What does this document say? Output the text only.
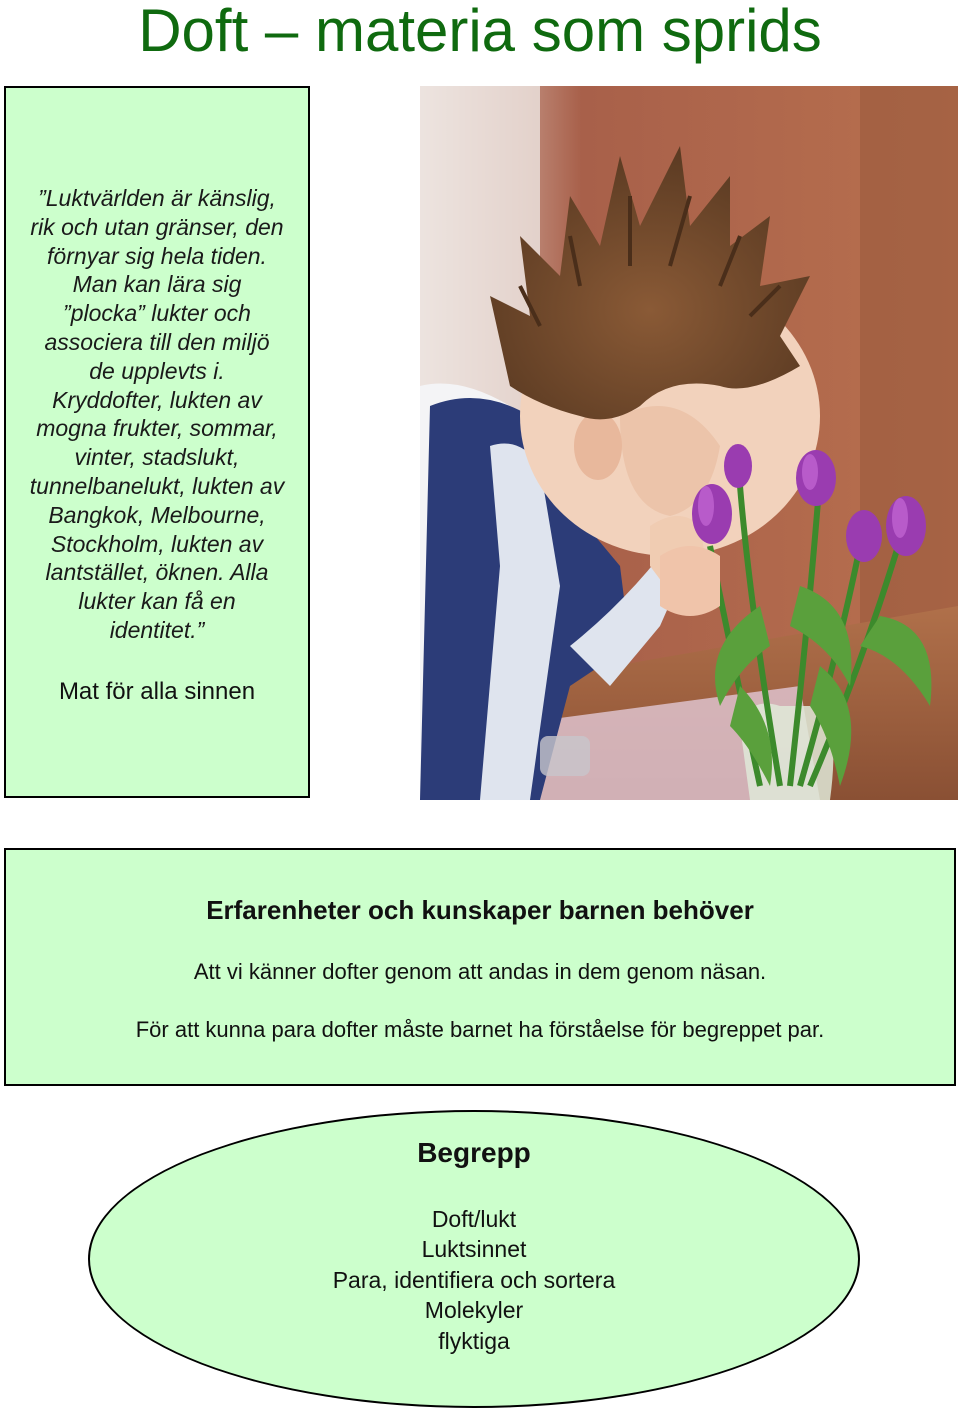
Doft – materia som sprids
”Luktvärlden är känslig,
rik och utan gränser, den
förnyar sig hela tiden.
Man kan lära sig
”plocka” lukter och
associera till den miljö
de upplevts i.
Kryddofter, lukten av
mogna frukter, sommar,
vinter, stadslukt,
tunnelbanelukt, lukten av
Bangkok, Melbourne,
Stockholm, lukten av
lantstället, öknen. Alla
lukter kan få en
identitet.”
Mat för alla sinnen
Erfarenheter och kunskaper barnen behöver
Att vi känner dofter genom att andas in dem genom näsan.
För att kunna para dofter måste barnet ha förståelse för begreppet par.
Begrepp
Doft/lukt
Luktsinnet
Para, identifiera och sortera
Molekyler
flyktiga
